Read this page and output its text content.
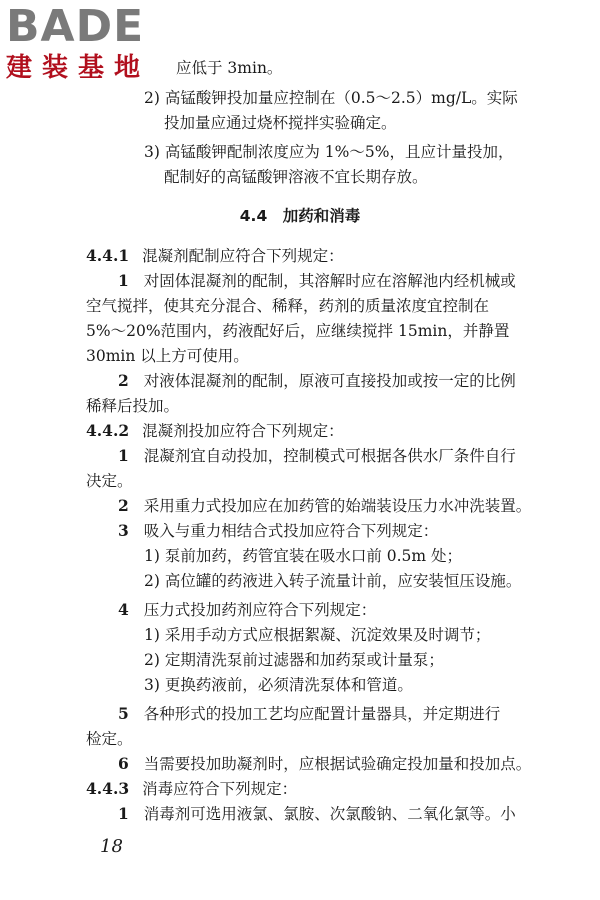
BADE
建装基地	应低于 3min。
2) 高锰酸钾投加量应控制在（0.5～2.5）mg/L。实际
投加量应通过烧杯搅拌实验确定。
3) 高锰酸钾配制浓度应为 1%～5%，且应计量投加，
配制好的高锰酸钾溶液不宜长期存放。
4.4　加药和消毒
4.4.1 混凝剂配制应符合下列规定：
1 对固体混凝剂的配制，其溶解时应在溶解池内经机械或
空气搅拌，使其充分混合、稀释，药剂的质量浓度宜控制在
5%～20%范围内，药液配好后，应继续搅拌 15min，并静置
30min 以上方可使用。
2 对液体混凝剂的配制，原液可直接投加或按一定的比例
稀释后投加。
4.4.2 混凝剂投加应符合下列规定：
1 混凝剂宜自动投加，控制模式可根据各供水厂条件自行
决定。
2 采用重力式投加应在加药管的始端装设压力水冲洗装置。
3 吸入与重力相结合式投加应符合下列规定：
1) 泵前加药，药管宜装在吸水口前 0.5m 处；
2) 高位罐的药液进入转子流量计前，应安装恒压设施。
4 压力式投加药剂应符合下列规定：
1) 采用手动方式应根据絮凝、沉淀效果及时调节；
2) 定期清洗泵前过滤器和加药泵或计量泵；
3) 更换药液前，必须清洗泵体和管道。
5 各种形式的投加工艺均应配置计量器具，并定期进行
检定。
6 当需要投加助凝剂时，应根据试验确定投加量和投加点。
4.4.3 消毒应符合下列规定：
1 消毒剂可选用液氯、氯胺、次氯酸钠、二氧化氯等。小
18
